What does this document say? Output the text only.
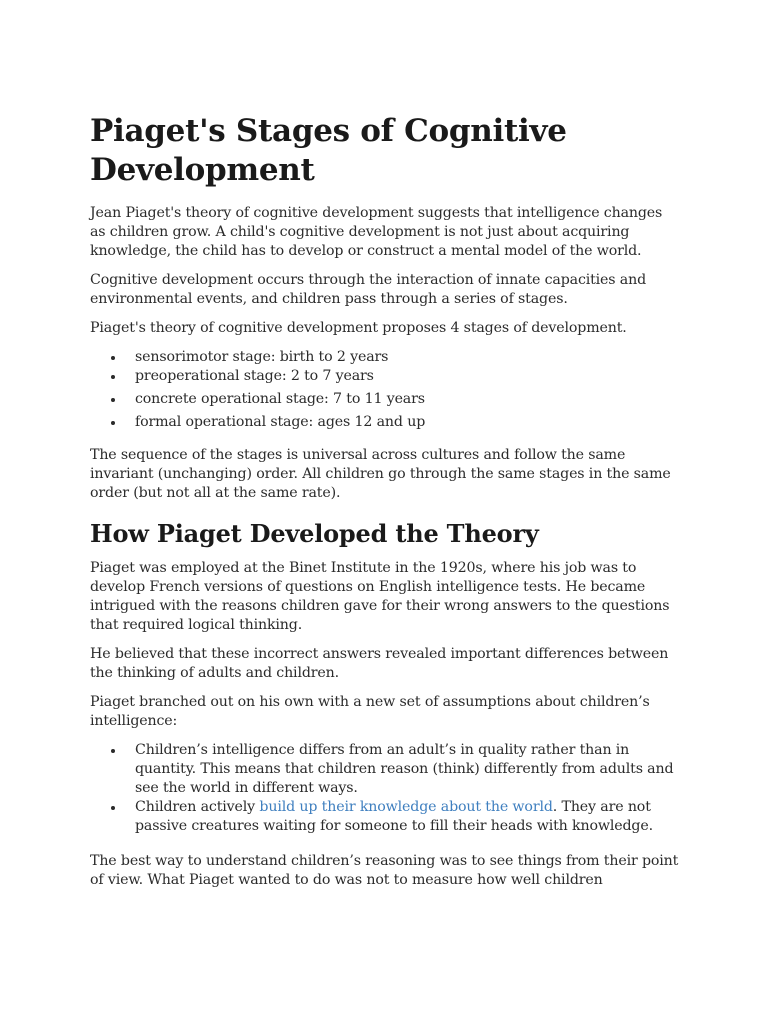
Piaget's Stages of Cognitive Development

Jean Piaget's theory of cognitive development suggests that intelligence changes as children grow. A child's cognitive development is not just about acquiring knowledge, the child has to develop or construct a mental model of the world.

Cognitive development occurs through the interaction of innate capacities and environmental events, and children pass through a series of stages.

Piaget's theory of cognitive development proposes 4 stages of development.

sensorimotor stage: birth to 2 years
preoperational stage: 2 to 7 years
concrete operational stage: 7 to 11 years
formal operational stage: ages 12 and up

The sequence of the stages is universal across cultures and follow the same invariant (unchanging) order. All children go through the same stages in the same order (but not all at the same rate).

How Piaget Developed the Theory

Piaget was employed at the Binet Institute in the 1920s, where his job was to develop French versions of questions on English intelligence tests. He became intrigued with the reasons children gave for their wrong answers to the questions that required logical thinking.

He believed that these incorrect answers revealed important differences between the thinking of adults and children.

Piaget branched out on his own with a new set of assumptions about children’s intelligence:

Children’s intelligence differs from an adult’s in quality rather than in quantity. This means that children reason (think) differently from adults and see the world in different ways.
Children actively build up their knowledge about the world. They are not passive creatures waiting for someone to fill their heads with knowledge.

The best way to understand children’s reasoning was to see things from their point of view. What Piaget wanted to do was not to measure how well children
